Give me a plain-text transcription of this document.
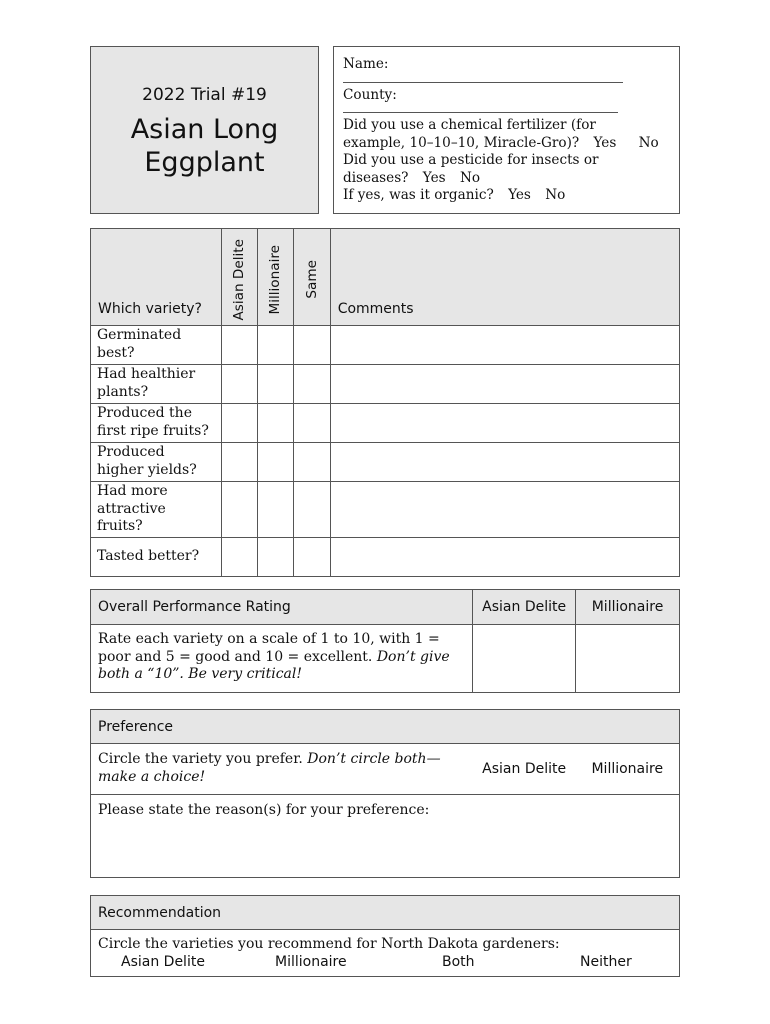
2022 Trial #19
Asian Long
Eggplant
Name:
County:
Did you use a chemical fertilizer (for
example, 10–10–10, Miracle-Gro)? Yes No
Did you use a pesticide for insects or
diseases? Yes No
If yes, was it organic? Yes No
Which variety?	Asian Delite	Millionaire	Same	Comments

Germinated best?				
Had healthier plants?				
Produced the first ripe fruits?				
Produced higher yields?				
Had more attractive fruits?				
Tasted better?				
Overall Performance Rating	Asian Delite	Millionaire
Rate each variety on a scale of 1 to 10, with 1 = poor and 5 = good and 10 = excellent. Don’t give both a “10”. Be very critical!		
Preference
Circle the variety you prefer. Don’t circle both—make a choice!	Asian Delite	Millionaire
Please state the reason(s) for your preference:
Recommendation

Circle the varieties you recommend for North Dakota gardeners:
Asian Delite	Millionaire	Both	Neither
